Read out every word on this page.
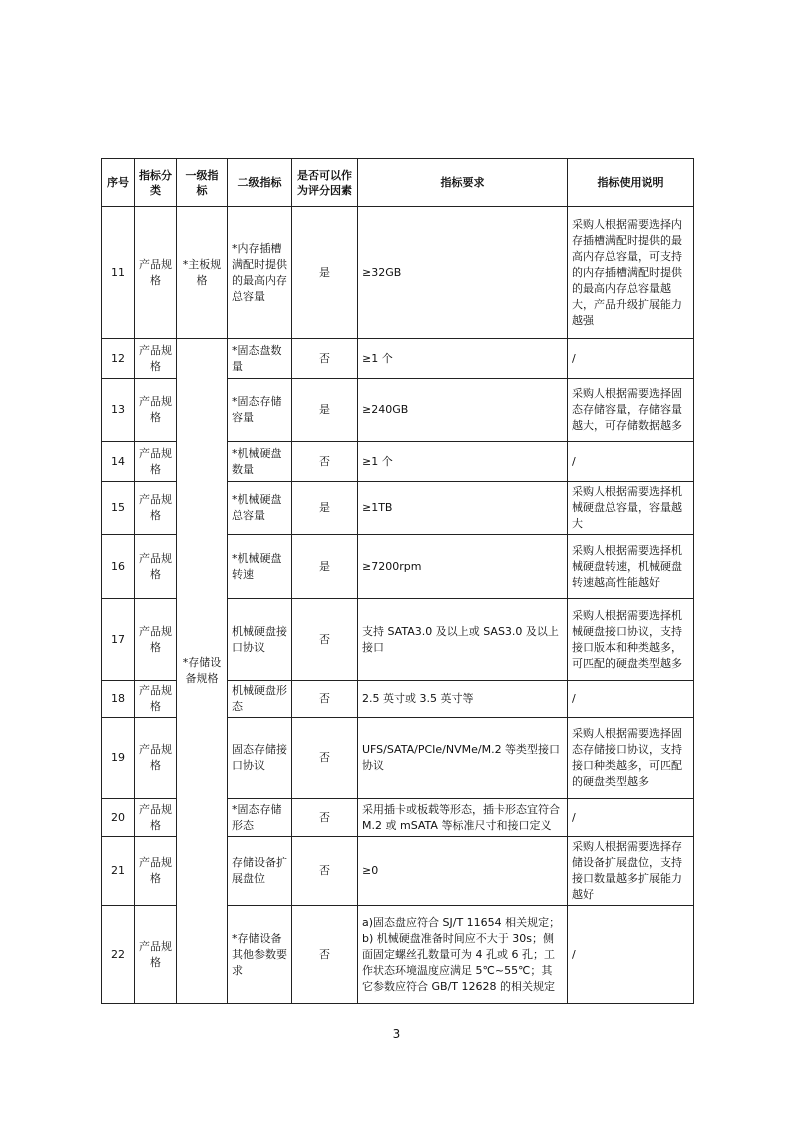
序号	指标分类	一级指标	二级指标	是否可以作为评分因素	指标要求	指标使用说明
11	产品规格	*主板规格	*内存插槽满配时提供的最高内存总容量	是	≥32GB	采购人根据需要选择内存插槽满配时提供的最高内存总容量，可支持的内存插槽满配时提供的最高内存总容量越大，产品升级扩展能力越强
12	产品规格	*存储设备规格	*固态盘数量	否	≥1 个	/
13	产品规格		*固态存储容量	是	≥240GB	采购人根据需要选择固态存储容量，存储容量越大，可存储数据越多
14	产品规格		*机械硬盘数量	否	≥1 个	/
15	产品规格		*机械硬盘总容量	是	≥1TB	采购人根据需要选择机械硬盘总容量，容量越大
16	产品规格		*机械硬盘转速	是	≥7200rpm	采购人根据需要选择机械硬盘转速，机械硬盘转速越高性能越好
17	产品规格		机械硬盘接口协议	否	支持 SATA3.0 及以上或 SAS3.0 及以上接口	采购人根据需要选择机械硬盘接口协议，支持接口版本和种类越多，可匹配的硬盘类型越多
18	产品规格		机械硬盘形态	否	2.5 英寸或 3.5 英寸等	/
19	产品规格		固态存储接口协议	否	UFS/SATA/PCIe/NVMe/M.2 等类型接口协议	采购人根据需要选择固态存储接口协议，支持接口种类越多，可匹配的硬盘类型越多
20	产品规格		*固态存储形态	否	采用插卡或板载等形态，插卡形态宜符合 M.2 或 mSATA 等标准尺寸和接口定义	/
21	产品规格		存储设备扩展盘位	否	≥0	采购人根据需要选择存储设备扩展盘位，支持接口数量越多扩展能力越好
22	产品规格		*存储设备其他参数要求	否	a)固态盘应符合 SJ/T 11654 相关规定；b) 机械硬盘准备时间应不大于 30s；侧面固定螺丝孔数量可为 4 孔或 6 孔；工作状态环境温度应满足 5℃~55℃；其它参数应符合 GB/T 12628 的相关规定	/
3
